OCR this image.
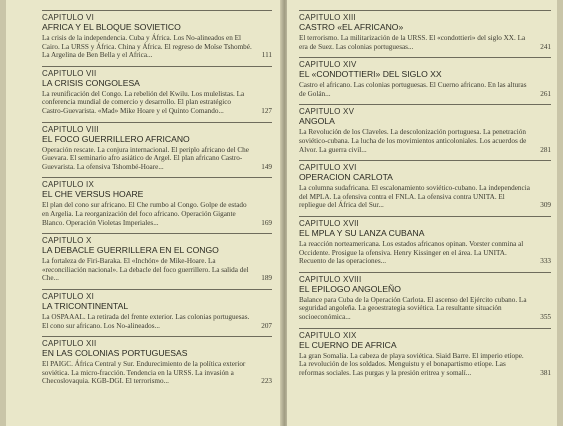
CAPITULO VI
AFRICA Y EL BLOQUE SOVIETICO
La crisis de la independencia. Cuba y África. Los No-alineados en El Cairo. La URSS y África. China y África. El regreso de Moïse Tshombé. La Argelina de Ben Bella y el Africa...	111
CAPITULO VII
LA CRISIS CONGOLESA
La reunificación del Congo. La rebelión del Kwilu. Los mulelistas. La conferencia mundial de comercio y desarrollo. El plan estratégico Castro-Guevarista. «Mad» Mike Hoare y el Quinto Comando...	127
CAPITULO VIII
EL FOCO GUERRILLERO AFRICANO
Operación rescate. La conjura internacional. El periplo africano del Che Guevara. El seminario afro asiático de Argel. El plan africano Castro-Guevarista. La ofensiva Tshombé-Hoare...	149
CAPITULO IX
EL CHE VERSUS HOARE
El plan del cono sur africano. El Che rumbo al Congo. Golpe de estado en Argelia. La reorganización del foco africano. Operación Gigante Blanco. Operación Violetas Imperiales...	169
CAPITULO X
LA DEBACLE GUERRILLERA EN EL CONGO
La fortaleza de Firi-Baraka. El «Inchón» de Mike-Hoare. La «reconciliación nacional». La debacle del foco guerrillero. La salida del Che...	189
CAPITULO XI
LA TRICONTINENTAL
La OSPAAAL. La retirada del frente exterior. Las colonias portuguesas. El cono sur africano. Los No-alineados...	207
CAPITULO XII
EN LAS COLONIAS PORTUGUESAS
El PAIGC. África Central y Sur. Endurecimiento de la política exterior soviética. La micro-fracción. Tendencia en la URSS. La invasión a Checoslovaquia. KGB-DGI. El terrorismo...	223
CAPITULO XIII
CASTRO «EL AFRICANO»
El terrorismo. La militarización de la URSS. El «condottieri» del siglo XX. La era de Suez. Las colonias portuguesas...	241
CAPITULO XIV
EL «CONDOTTIERI» DEL SIGLO XX
Castro el africano. Las colonias portuguesas. El Cuerno africano. En las alturas de Golán...	261
CAPITULO XV
ANGOLA
La Revolución de los Claveles. La descolonización portuguesa. La penetración soviético-cubana. La lucha de los movimientos anticoloniales. Los acuerdos de Alvor. La guerra civil...	281
CAPITULO XVI
OPERACION CARLOTA
La columna sudafricana. El escalonamiento soviético-cubano. La independencia del MPLA. La ofensiva contra el FNLA. La ofensiva contra UNITA. El repliegue del África del Sur...	309
CAPITULO XVII
EL MPLA Y SU LANZA CUBANA
La reacción norteamericana. Los estados africanos opinan. Vorster conmina al Occidente. Prosigue la ofensiva. Henry Kissinger en el área. La UNITA. Recuento de las operaciones...	333
CAPITULO XVIII
EL EPILOGO ANGOLEÑO
Balance para Cuba de la Operación Carlota. El ascenso del Ejército cubano. La seguridad angoleña. La geoestrategia soviética. La resultante situación socioeconómica...	355
CAPITULO XIX
EL CUERNO DE AFRICA
La gran Somalia. La cabeza de playa soviética. Siaid Barre. El imperio etíope. La revolución de los soldados. Menguistu y el bonapartismo etíope. Las reformas sociales. Las purgas y la presión eritrea y somalí...	381
